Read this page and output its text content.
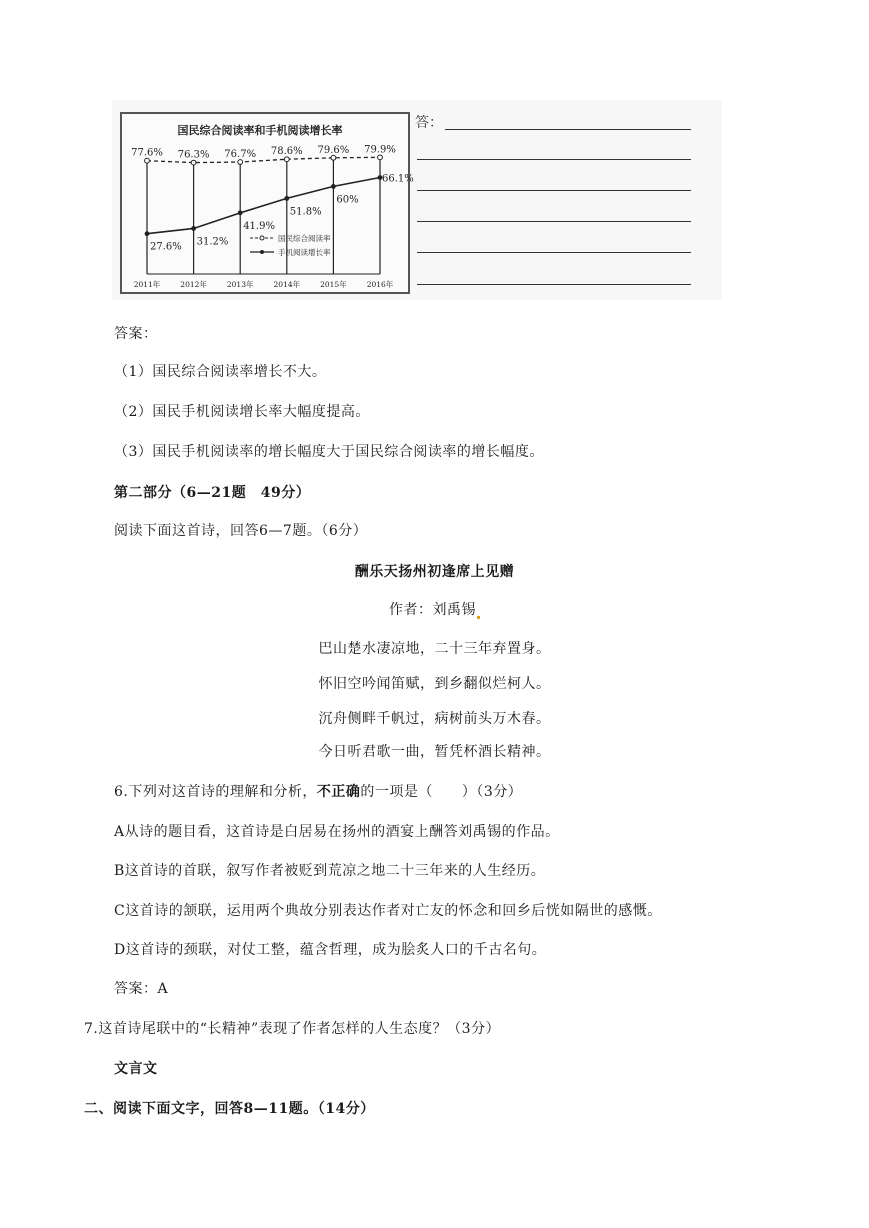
国民综合阅读率和手机阅读增长率
77.6% 76.3% 76.7% 78.6% 79.6% 79.9%
27.6% 31.2%
41.9%
51.8%
60%
66.1%
2011年	2012年	2013年	2014年	2015年	2016年
国民综合阅读率
手机阅读增长率
答：
答案：
（1）国民综合阅读率增长不大。
（2）国民手机阅读增长率大幅度提高。
（3）国民手机阅读率的增长幅度大于国民综合阅读率的增长幅度。
第二部分（6—21题　49分）
阅读下面这首诗，回答6—7题。（6分）
酬乐天扬州初逢席上见赠
作者：刘禹锡
巴山楚水凄凉地，二十三年弃置身。
怀旧空吟闻笛赋，到乡翻似烂柯人。
沉舟侧畔千帆过，病树前头万木春。
今日听君歌一曲，暂凭杯酒长精神。
6.下列对这首诗的理解和分析，不正确的一项是（　　）（3分）
A从诗的题目看，这首诗是白居易在扬州的酒宴上酬答刘禹锡的作品。
B这首诗的首联，叙写作者被贬到荒凉之地二十三年来的人生经历。
C这首诗的颔联，运用两个典故分别表达作者对亡友的怀念和回乡后恍如隔世的感慨。
D这首诗的颈联，对仗工整，蕴含哲理，成为脍炙人口的千古名句。
答案：A
7.这首诗尾联中的“长精神”表现了作者怎样的人生态度？（3分）
文言文
二、阅读下面文字，回答8—11题。（14分）
